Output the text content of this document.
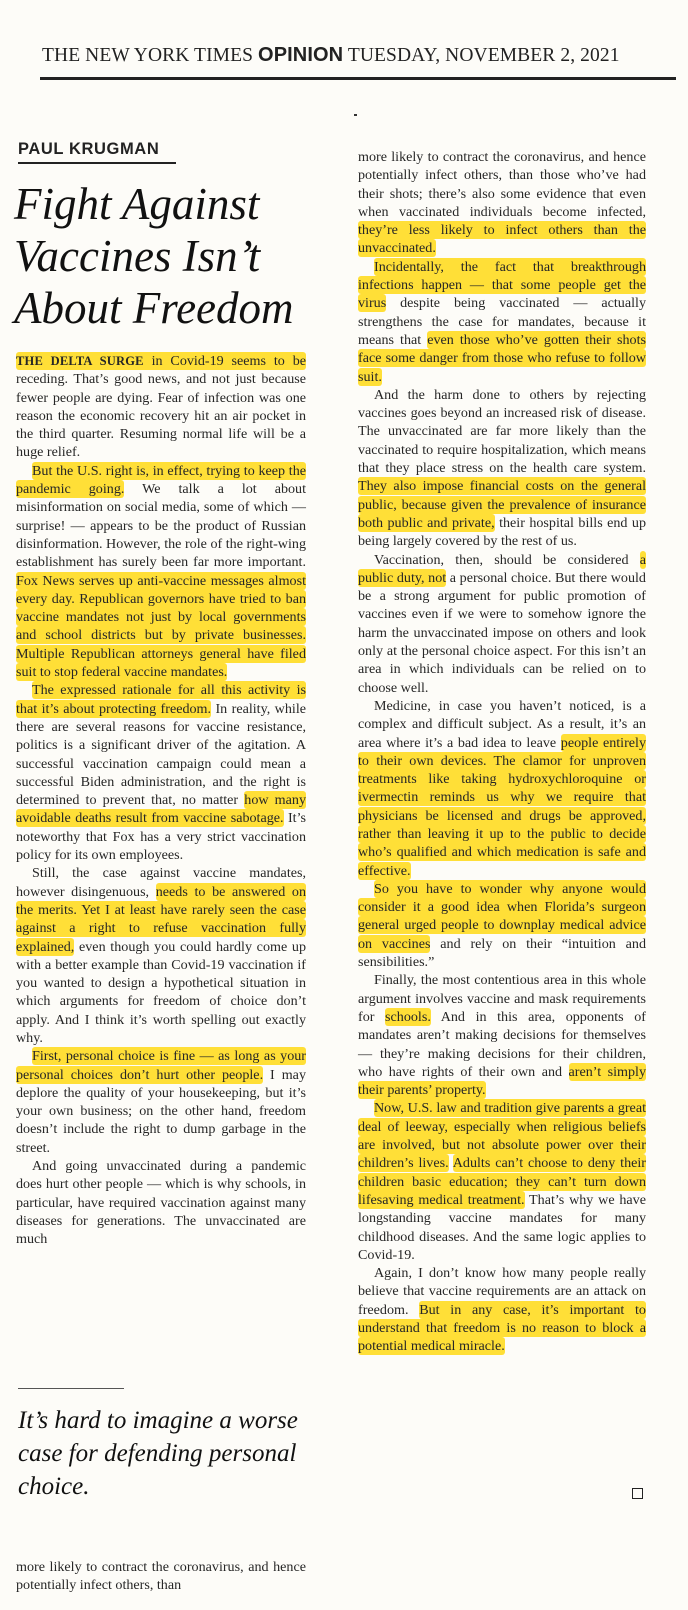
THE NEW YORK TIMES OPINION TUESDAY, NOVEMBER 2, 2021
PAUL KRUGMAN
Fight Against Vaccines Isn’t About Freedom

THE DELTA SURGE in Covid-19 seems to be receding. That’s good news, and not just because fewer people are dying. Fear of infection was one reason the economic recovery hit an air pocket in the third quarter. Resuming normal life will be a huge relief.

But the U.S. right is, in effect, trying to keep the pandemic going. We talk a lot about misinformation on social media, some of which — surprise! — appears to be the product of Russian disinformation. However, the role of the right-wing establishment has surely been far more important. Fox News serves up anti-vaccine messages almost every day. Republican governors have tried to ban vaccine mandates not just by local governments and school districts but by private businesses. Multiple Republican attorneys general have filed suit to stop federal vaccine mandates.

The expressed rationale for all this activity is that it’s about protecting freedom. In reality, while there are several reasons for vaccine resistance, politics is a significant driver of the agitation. A successful vaccination campaign could mean a successful Biden administration, and the right is determined to prevent that, no matter how many avoidable deaths result from vaccine sabotage. It’s noteworthy that Fox has a very strict vaccination policy for its own employees.

Still, the case against vaccine mandates, however disingenuous, needs to be answered on the merits. Yet I at least have rarely seen the case against a right to refuse vaccination fully explained, even though you could hardly come up with a better example than Covid-19 vaccination if you wanted to design a hypothetical situation in which arguments for freedom of choice don’t apply. And I think it’s worth spelling out exactly why.

First, personal choice is fine — as long as your personal choices don’t hurt other people. I may deplore the quality of your housekeeping, but it’s your own business; on the other hand, freedom doesn’t include the right to dump garbage in the street.

And going unvaccinated during a pandemic does hurt other people — which is why schools, in particular, have required vaccination against many diseases for generations. The unvaccinated are much

It’s hard to imagine a worse case for defending personal choice.

more likely to contract the coronavirus, and hence potentially infect others, than

more likely to contract the coronavirus, and hence potentially infect others, than those who’ve had their shots; there’s also some evidence that even when vaccinated individuals become infected, they’re less likely to infect others than the unvaccinated.

Incidentally, the fact that breakthrough infections happen — that some people get the virus despite being vaccinated — actually strengthens the case for mandates, because it means that even those who’ve gotten their shots face some danger from those who refuse to follow suit.

And the harm done to others by rejecting vaccines goes beyond an increased risk of disease. The unvaccinated are far more likely than the vaccinated to require hospitalization, which means that they place stress on the health care system. They also impose financial costs on the general public, because given the prevalence of insurance both public and private, their hospital bills end up being largely covered by the rest of us.

Vaccination, then, should be considered a public duty, not a personal choice. But there would be a strong argument for public promotion of vaccines even if we were to somehow ignore the harm the unvaccinated impose on others and look only at the personal choice aspect. For this isn’t an area in which individuals can be relied on to choose well.

Medicine, in case you haven’t noticed, is a complex and difficult subject. As a result, it’s an area where it’s a bad idea to leave people entirely to their own devices. The clamor for unproven treatments like taking hydroxychloroquine or ivermectin reminds us why we require that physicians be licensed and drugs be approved, rather than leaving it up to the public to decide who’s qualified and which medication is safe and effective.

So you have to wonder why anyone would consider it a good idea when Florida’s surgeon general urged people to downplay medical advice on vaccines and rely on their “intuition and sensibilities.”

Finally, the most contentious area in this whole argument involves vaccine and mask requirements for schools. And in this area, opponents of mandates aren’t making decisions for themselves — they’re making decisions for their children, who have rights of their own and aren’t simply their parents’ property.

Now, U.S. law and tradition give parents a great deal of leeway, especially when religious beliefs are involved, but not absolute power over their children’s lives. Adults can’t choose to deny their children basic education; they can’t turn down lifesaving medical treatment. That’s why we have longstanding vaccine mandates for many childhood diseases. And the same logic applies to Covid-19.

Again, I don’t know how many people really believe that vaccine requirements are an attack on freedom. But in any case, it’s important to understand that freedom is no reason to block a potential medical miracle.
